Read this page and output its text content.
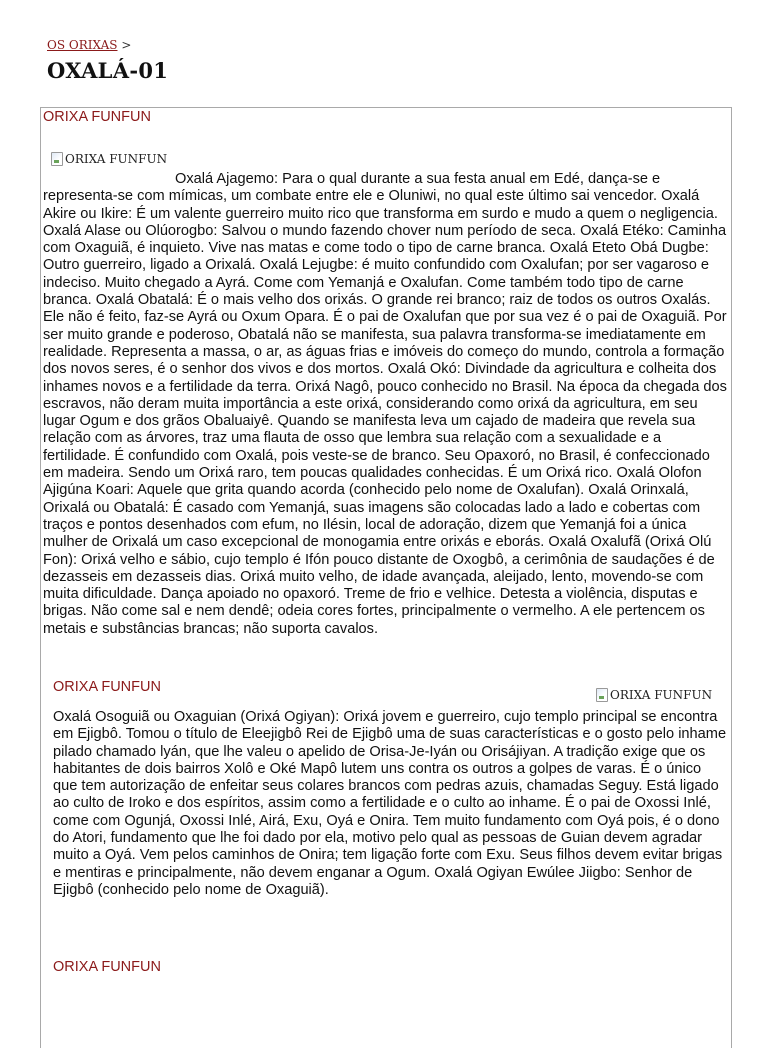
OS ORIXAS >
OXALÁ-01
ORIXA FUNFUN
ORIXA FUNFUN

Oxalá Ajagemo: Para o qual durante a sua festa anual em Edé, dança-se e representa-se com mímicas, um combate entre ele e Oluniwi, no qual este último sai vencedor. Oxalá Akire ou Ikire: É um valente guerreiro muito rico que transforma em surdo e mudo a quem o negligencia. Oxalá Alase ou Olúorogbo: Salvou o mundo fazendo chover num período de seca. Oxalá Etéko: Caminha com Oxaguiã, é inquieto. Vive nas matas e come todo o tipo de carne branca. Oxalá Eteto Obá Dugbe: Outro guerreiro, ligado a Orixalá. Oxalá Lejugbe: é muito confundido com Oxalufan; por ser vagaroso e indeciso. Muito chegado a Ayrá. Come com Yemanjá e Oxalufan. Come também todo tipo de carne branca. Oxalá Obatalá: É o mais velho dos orixás. O grande rei branco; raiz de todos os outros Oxalás. Ele não é feito, faz-se Ayrá ou Oxum Opara. É o pai de Oxalufan que por sua vez é o pai de Oxaguiã. Por ser muito grande e poderoso, Obatalá não se manifesta, sua palavra transforma-se imediatamente em realidade. Representa a massa, o ar, as águas frias e imóveis do começo do mundo, controla a formação dos novos seres, é o senhor dos vivos e dos mortos. Oxalá Okó: Divindade da agricultura e colheita dos inhames novos e a fertilidade da terra. Orixá Nagô, pouco conhecido no Brasil. Na época da chegada dos escravos, não deram muita importância a este orixá, considerando como orixá da agricultura, em seu lugar Ogum e dos grãos Obaluaiyê. Quando se manifesta leva um cajado de madeira que revela sua relação com as árvores, traz uma flauta de osso que lembra sua relação com a sexualidade e a fertilidade. É confundido com Oxalá, pois veste-se de branco. Seu Opaxoró, no Brasil, é confeccionado em madeira. Sendo um Orixá raro, tem poucas qualidades conhecidas. É um Orixá rico. Oxalá Olofon Ajigúna Koari: Aquele que grita quando acorda (conhecido pelo nome de Oxalufan). Oxalá Orinxalá, Orixalá ou Obatalá: É casado com Yemanjá, suas imagens são colocadas lado a lado e cobertas com traços e pontos desenhados com efum, no Ilésin, local de adoração, dizem que Yemanjá foi a única mulher de Orixalá um caso excepcional de monogamia entre orixás e eborás. Oxalá Oxalufã (Orixá Olú Fon): Orixá velho e sábio, cujo templo é Ifón pouco distante de Oxogbô, a cerimônia de saudações é de dezasseis em dezasseis dias. Orixá muito velho, de idade avançada, aleijado, lento, movendo-se com muita dificuldade. Dança apoiado no opaxoró. Treme de frio e velhice. Detesta a violência, disputas e brigas. Não come sal e nem dendê; odeia cores fortes, principalmente o vermelho. A ele pertencem os metais e substâncias brancas; não suporta cavalos.

ORIXA FUNFUN	ORIXA FUNFUN

Oxalá Osoguiã ou Oxaguian (Orixá Ogiyan): Orixá jovem e guerreiro, cujo templo principal se encontra em Ejigbô. Tomou o título de Eleejigbô Rei de Ejigbô uma de suas características e o gosto pelo inhame pilado chamado lyán, que lhe valeu o apelido de Orisa-Je-Iyán ou Orisájiyan. A tradição exige que os habitantes de dois bairros Xolô e Oké Mapô lutem uns contra os outros a golpes de varas. É o único que tem autorização de enfeitar seus colares brancos com pedras azuis, chamadas Seguy. Está ligado ao culto de Iroko e dos espíritos, assim como a fertilidade e o culto ao inhame. É o pai de Oxossi Inlé, come com Ogunjá, Oxossi Inlé, Airá, Exu, Oyá e Onira. Tem muito fundamento com Oyá pois, é o dono do Atori, fundamento que lhe foi dado por ela, motivo pelo qual as pessoas de Guian devem agradar muito a Oyá. Vem pelos caminhos de Onira; tem ligação forte com Exu. Seus filhos devem evitar brigas e mentiras e principalmente, não devem enganar a Ogum. Oxalá Ogiyan Ewúlee Jiigbo: Senhor de Ejigbô (conhecido pelo nome de Oxaguiã).

ORIXA FUNFUN
